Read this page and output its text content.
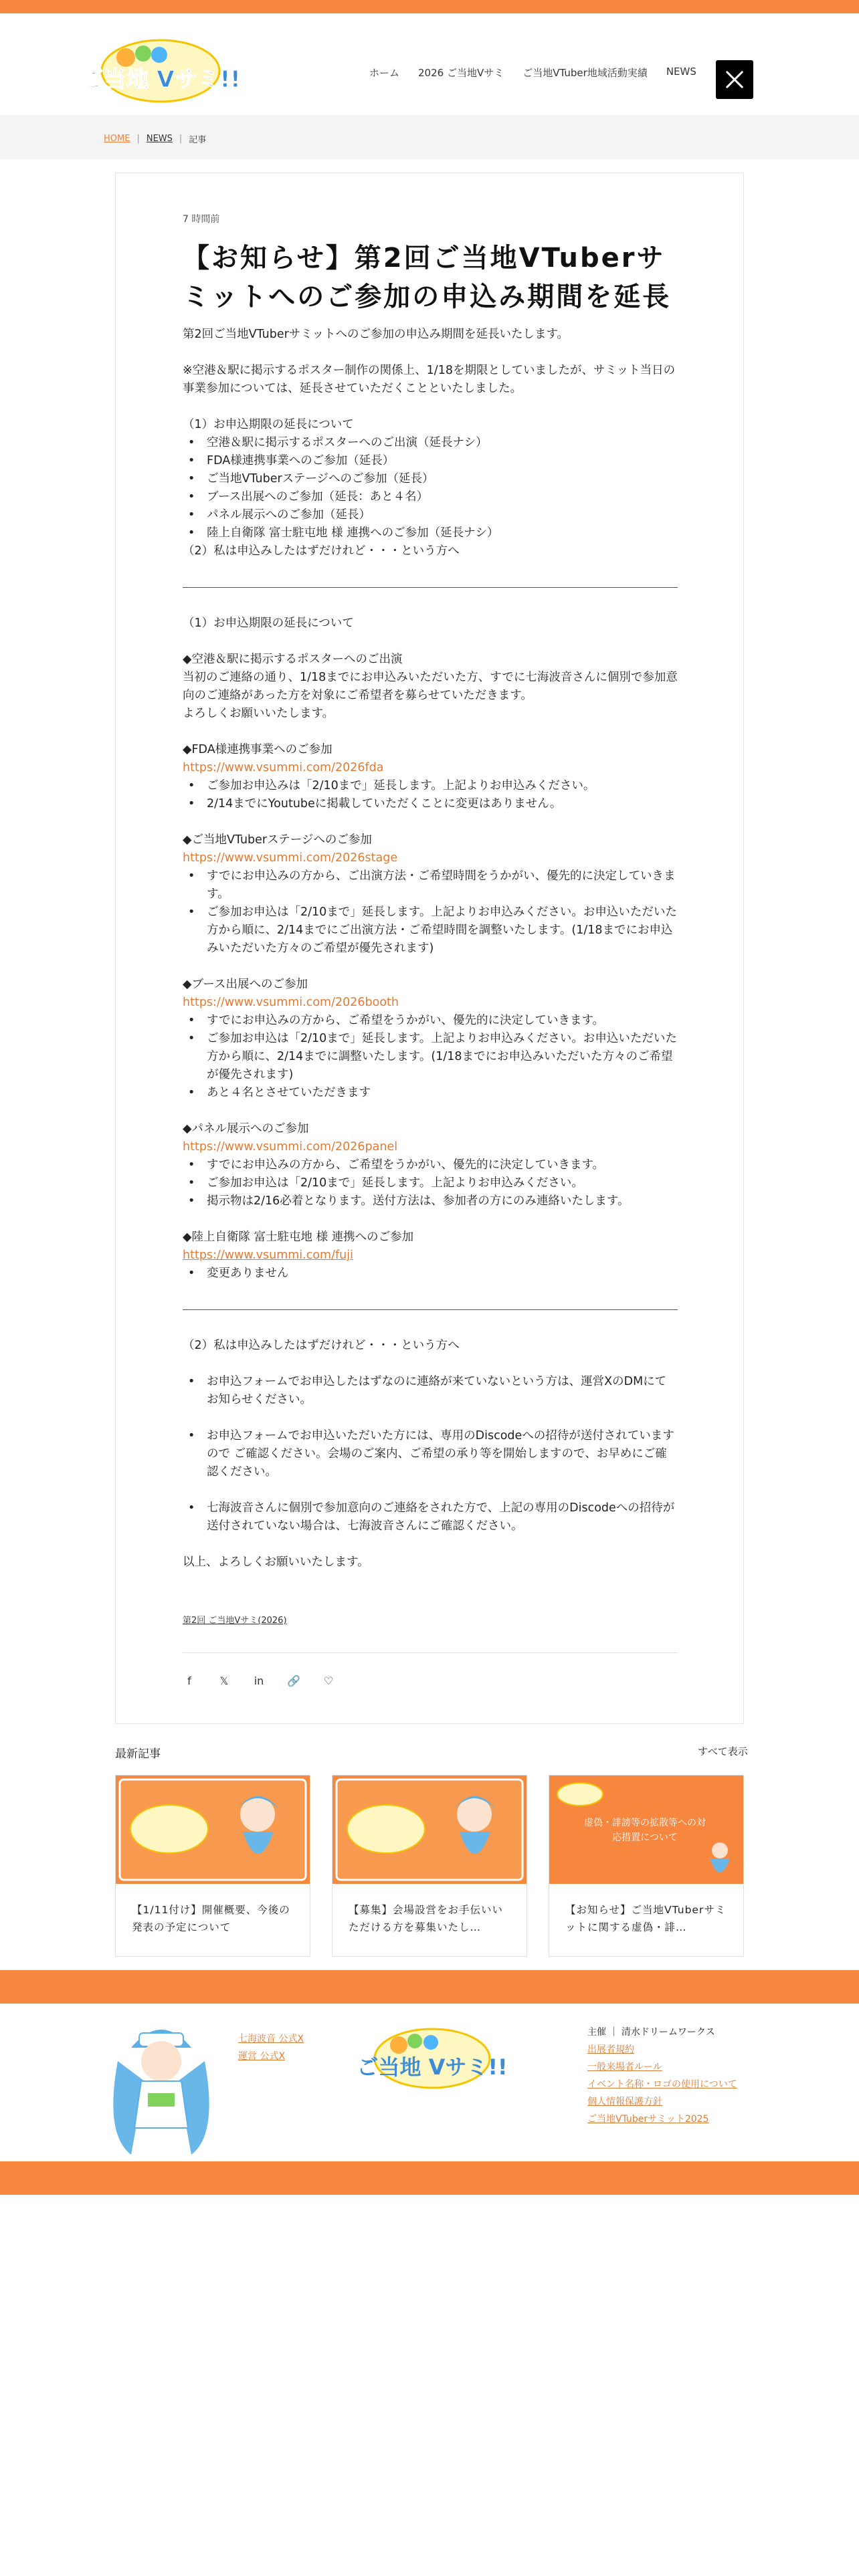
ご当地 Vサミ!!	ホーム 2026 ご当地Vサミ ご当地VTuber地域活動実績 NEWS
HOME | NEWS | 記事
7 時間前
【お知らせ】第2回ご当地VTuberサミットへのご参加の申込み期間を延長

第2回ご当地VTuberサミットへのご参加の申込み期間を延長いたします。

※空港＆駅に掲示するポスター制作の関係上、1/18を期限としていましたが、サミット当日の事業参加については、延長させていただくことといたしました。

（1）お申込期限の延長について

• 空港＆駅に掲示するポスターへのご出演（延長ナシ）
• FDA様連携事業へのご参加（延長）
• ご当地VTuberステージへのご参加（延長）
• ブース出展へのご参加（延長：あと４名）
• パネル展示へのご参加（延長）
• 陸上自衛隊 富士駐屯地 様 連携へのご参加（延長ナシ）

（2）私は申込みしたはずだけれど・・・という方へ

（1）お申込期限の延長について

◆空港＆駅に掲示するポスターへのご出演

当初のご連絡の通り、1/18までにお申込みいただいた方、すでに七海波音さんに個別で参加意向のご連絡があった方を対象にご希望者を募らせていただきます。

よろしくお願いいたします。

◆FDA様連携事業へのご参加

https://www.vsummi.com/2026fda
• ご参加お申込みは「2/10まで」延長します。上記よりお申込みください。
• 2/14までにYoutubeに掲載していただくことに変更はありません。

◆ご当地VTuberステージへのご参加

https://www.vsummi.com/2026stage
• すでにお申込みの方から、ご出演方法・ご希望時間をうかがい、優先的に決定していきます。
• ご参加お申込は「2/10まで」延長します。上記よりお申込みください。お申込いただいた方から順に、2/14までにご出演方法・ご希望時間を調整いたします。(1/18までにお申込みいただいた方々のご希望が優先されます)

◆ブース出展へのご参加

https://www.vsummi.com/2026booth
• すでにお申込みの方から、ご希望をうかがい、優先的に決定していきます。
• ご参加お申込は「2/10まで」延長します。上記よりお申込みください。お申込いただいた方から順に、2/14までに調整いたします。(1/18までにお申込みいただいた方々のご希望が優先されます)
• あと４名とさせていただきます

◆パネル展示へのご参加

https://www.vsummi.com/2026panel
• すでにお申込みの方から、ご希望をうかがい、優先的に決定していきます。
• ご参加お申込は「2/10まで」延長します。上記よりお申込みください。
• 掲示物は2/16必着となります。送付方法は、参加者の方にのみ連絡いたします。

◆陸上自衛隊 富士駐屯地 様 連携へのご参加

https://www.vsummi.com/fuji
• 変更ありません

（2）私は申込みしたはずだけれど・・・という方へ

• お申込フォームでお申込したはずなのに連絡が来ていないという方は、運営XのDMにてお知らせください。
• お申込フォームでお申込いただいた方には、専用のDiscodeへの招待が送付されていますので ご確認ください。会場のご案内、ご希望の承り等を開始しますので、お早めにご確認ください。
• 七海波音さんに個別で参加意向のご連絡をされた方で、上記の専用のDiscodeへの招待が送付されていない場合は、七海波音さんにご確認ください。

以上、よろしくお願いいたします。

第2回 ご当地Vサミ(2026)
f	𝕏 in 🔗 ♡
最新記事	すべて表示
【1/11付け】開催概要、今後の発表の予定について
【募集】会場設営をお手伝いいただける方を募集いたし…
虚偽・誹謗等の拡散等への対応措置について
【お知らせ】ご当地VTuberサミットに関する虚偽・誹…
七海波音 公式X
運営 公式X	ご当地 Vサミ!!
主催 ｜ 清水ドリームワークス
出展者規約
一般来場者ルール
イベント名称・ロゴの使用について
個人情報保護方針
ご当地VTuberサミット2025
